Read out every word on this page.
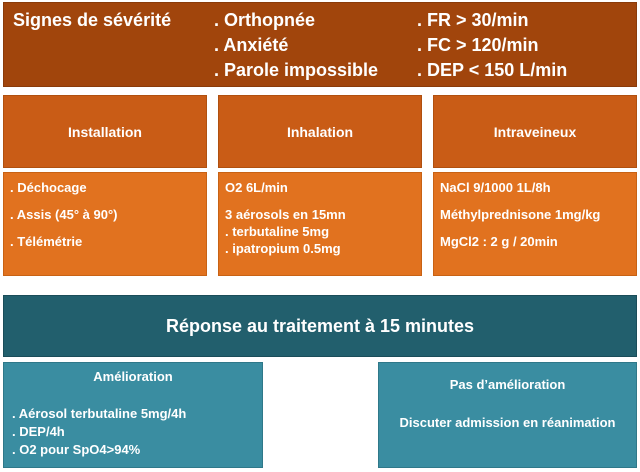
Signes de sévérité . Orthopnée
. Anxiété
. Parole impossible
. FR > 30/min
. FC > 120/min
. DEP < 150 L/min
Installation	Inhalation	Intraveineux
. Déchocage
. Assis (45° à 90°)
. Télémétrie
O2 6L/min
3 aérosols en 15mn
. terbutaline 5mg
. ipatropium 0.5mg
NaCl 9/1000 1L/8h
Méthylprednisone 1mg/kg
MgCl2 : 2 g / 20min
Réponse au traitement à 15 minutes
Amélioration
. Aérosol terbutaline 5mg/4h
. DEP/4h
. O2 pour SpO4>94%
Pas d’amélioration
Discuter admission en réanimation
